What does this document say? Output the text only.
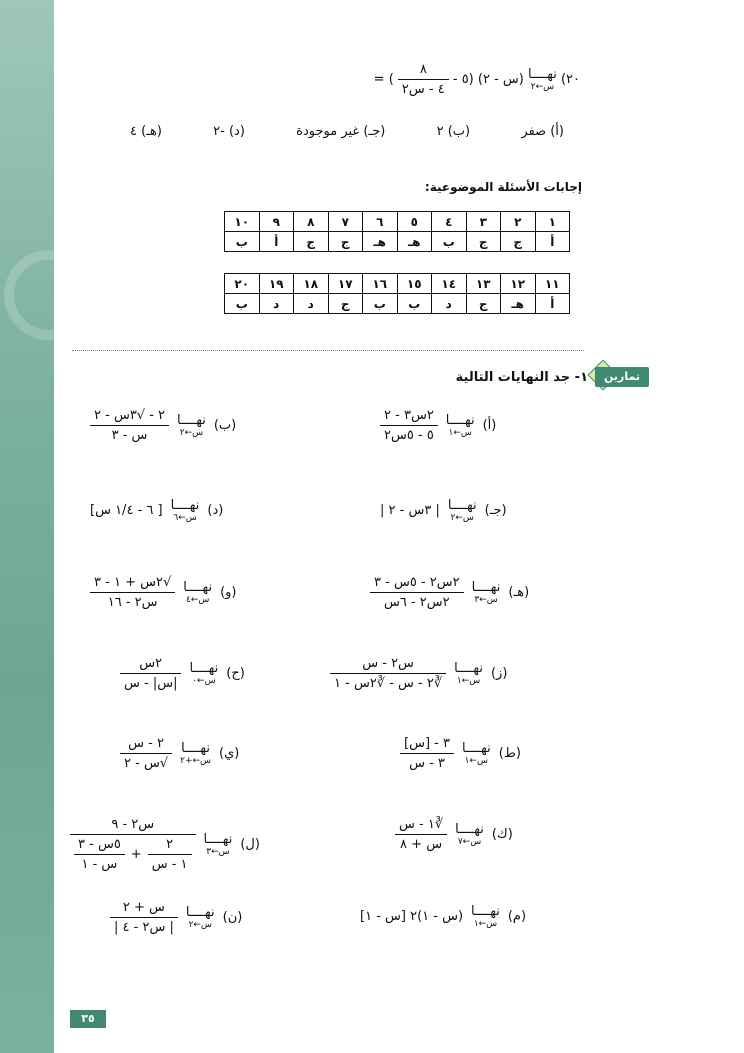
٢٠)
نهــــا
س←٢
(س - ٢) (٥ -
$\frac{٨}{\text{٤ - س٢}}$
) =
(أ) صفر
(ب) ٢
(جـ) غير موجودة
(د) -٢
(هـ) ٤
إجابات الأسئلة الموضوعية:
١	٢	٣	٤	٥	٦	٧	٨	٩	١٠
أ	ج	ج	ب	هـ	هـ	ج	ج	أ	ب
١١	١٢	١٣	١٤	١٥	١٦	١٧	١٨	١٩	٢٠
أ	هـ	ج	د	ب	ب	ج	د	د	ب
تمارين
١- جد النهايات التالية
(أ)
نهــــا
س←١
$\frac{\text{٢س٣ - ٢}}{\text{٥ - ٥س٢}}$
(ب)
نهــــا
س←٢
$\frac{\text{٢ - √٣س - ٢}}{\text{س - ٣}}$
(جـ)
نهــــا
س←٢
| ٣س - ٢ |
(د)
نهــــا
س←٦
[ ٦ - ١/٤ س]
(هـ)
نهــــا
س←٣
$\frac{\text{٢س٢ - ٥س - ٣}}{\text{٢س٢ - ٦س}}$
(و)
نهــــا
س←٤
$\frac{\text{√٢س + ١ - ٣}}{\text{س٢ - ١٦}}$
(ز)
نهــــا
س←١
$\frac{\text{س٢ - س}}{\text{∛٢ - س - ∛٢س - ١}}$
(ح)
نهــــا
س←٠
$\frac{\text{٢س}}{\text{|س| - س}}$
(ط)
نهــــا
س←١
$\frac{\text{٣ - [س]}}{\text{٣ - س}}$
(ي)
نهــــا
س←+٢
$\frac{\text{٢ - س}}{\text{√س - ٢}}$
(ك)
نهــــا
س←٧
$\frac{\text{∛١ - س}}{\text{س + ٨}}$
(ل)
نهــــا
س←٣
س٢ - ٩
$\frac{٢}{\text{١ - س}}$
+
$\frac{\text{٥س - ٣}}{\text{س - ١}}$
(م)
نهــــا
س←١
(س - ١)٢ [س - ١]
(ن)
نهــــا
س←٢
$\frac{\text{س + ٢}}{\text{| س٢ - ٤ |}}$
٣٥
